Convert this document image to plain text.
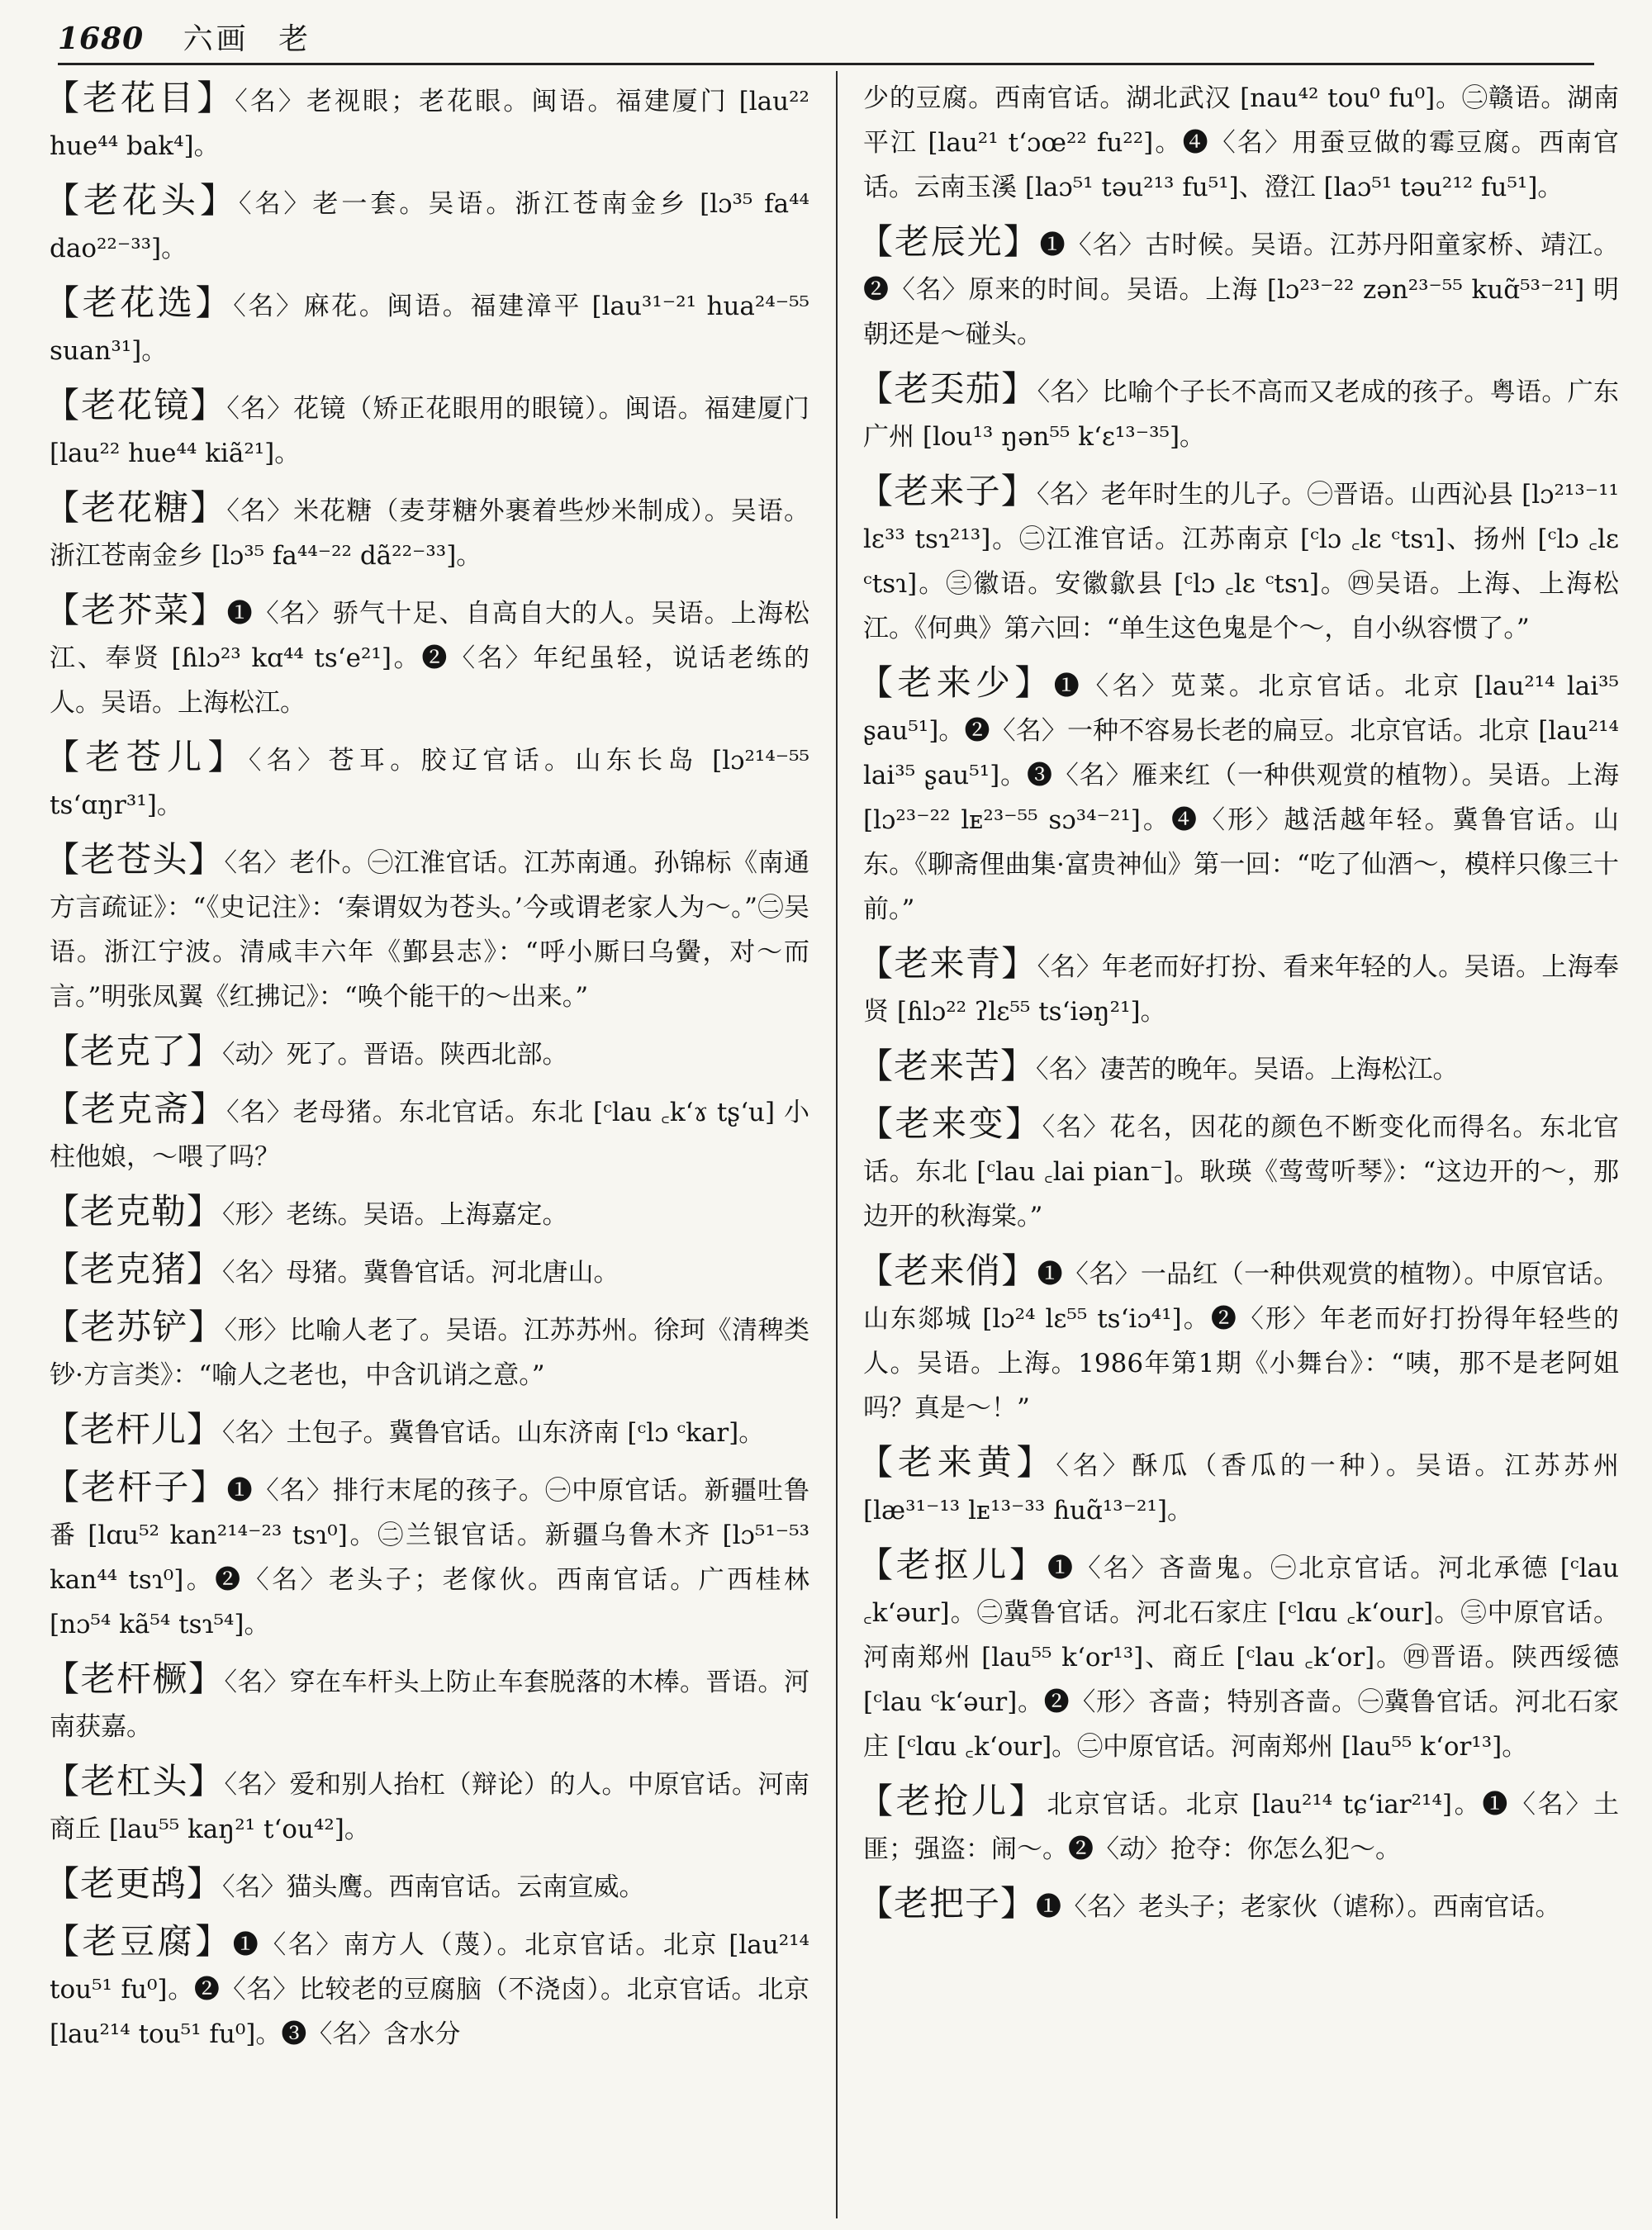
1680 六画 老
【老花目】〈名〉老视眼；老花眼。闽语。福建厦门 [lau²² hue⁴⁴ bak⁴]。
【老花头】〈名〉老一套。吴语。浙江苍南金乡 [lɔ³⁵ fa⁴⁴ dao²²⁻³³]。
【老花选】〈名〉麻花。闽语。福建漳平 [lau³¹⁻²¹ hua²⁴⁻⁵⁵ suan³¹]。
【老花镜】〈名〉花镜（矫正花眼用的眼镜）。闽语。福建厦门 [lau²² hue⁴⁴ kiã²¹]。
【老花糖】〈名〉米花糖（麦芽糖外裹着些炒米制成）。吴语。浙江苍南金乡 [lɔ³⁵ fa⁴⁴⁻²² dã²²⁻³³]。
【老芥菜】❶〈名〉骄气十足、自高自大的人。吴语。上海松江、奉贤 [ɦlɔ²³ kɑ⁴⁴ tsʻe²¹]。❷〈名〉年纪虽轻，说话老练的人。吴语。上海松江。
【老苍儿】〈名〉苍耳。胶辽官话。山东长岛 [lɔ²¹⁴⁻⁵⁵ tsʻɑŋr³¹]。
【老苍头】〈名〉老仆。㊀江淮官话。江苏南通。孙锦标《南通方言疏证》：“《史记注》：‘秦谓奴为苍头。’今或谓老家人为～。”㊁吴语。浙江宁波。清咸丰六年《鄞县志》：“呼小厮曰乌黌，对～而言。”明张凤翼《红拂记》：“唤个能干的～出来。”
【老克了】〈动〉死了。晋语。陕西北部。
【老克斋】〈名〉老母猪。东北官话。东北 [ᶜlau ꜀kʻɤ tʂʻu] 小柱他娘，～喂了吗？
【老克勒】〈形〉老练。吴语。上海嘉定。
【老克猪】〈名〉母猪。冀鲁官话。河北唐山。
【老苏铲】〈形〉比喻人老了。吴语。江苏苏州。徐珂《清稗类钞·方言类》：“喻人之老也，中含讥诮之意。”
【老杆儿】〈名〉土包子。冀鲁官话。山东济南 [ᶜlɔ ᶜkar]。
【老杆子】❶〈名〉排行末尾的孩子。㊀中原官话。新疆吐鲁番 [lɑu⁵² kan²¹⁴⁻²³ tsɿ⁰]。㊁兰银官话。新疆乌鲁木齐 [lɔ⁵¹⁻⁵³ kan⁴⁴ tsɿ⁰]。❷〈名〉老头子；老傢伙。西南官话。广西桂林 [nɔ⁵⁴ kã⁵⁴ tsɿ⁵⁴]。
【老杆橛】〈名〉穿在车杆头上防止车套脱落的木棒。晋语。河南获嘉。
【老杠头】〈名〉爱和别人抬杠（辩论）的人。中原官话。河南商丘 [lau⁵⁵ kaŋ²¹ tʻou⁴²]。
【老更鸪】〈名〉猫头鹰。西南官话。云南宣威。
【老豆腐】❶〈名〉南方人（蔑）。北京官话。北京 [lau²¹⁴ tou⁵¹ fu⁰]。❷〈名〉比较老的豆腐脑（不浇卤）。北京官话。北京 [lau²¹⁴ tou⁵¹ fu⁰]。❸〈名〉含水分
少的豆腐。西南官话。湖北武汉 [nau⁴² tou⁰ fu⁰]。㊁赣语。湖南平江 [lau²¹ tʻɔœ²² fu²²]。❹〈名〉用蚕豆做的霉豆腐。西南官话。云南玉溪 [laɔ⁵¹ təu²¹³ fu⁵¹]、澄江 [laɔ⁵¹ təu²¹² fu⁵¹]。
【老辰光】❶〈名〉古时候。吴语。江苏丹阳童家桥、靖江。❷〈名〉原来的时间。吴语。上海 [lɔ²³⁻²² zən²³⁻⁵⁵ kuɑ̃⁵³⁻²¹] 明朝还是～碰头。
【老奀茄】〈名〉比喻个子长不高而又老成的孩子。粤语。广东广州 [lou¹³ ŋən⁵⁵ kʻɛ¹³⁻³⁵]。
【老来子】〈名〉老年时生的儿子。㊀晋语。山西沁县 [lɔ²¹³⁻¹¹ lɛ³³ tsɿ²¹³]。㊁江淮官话。江苏南京 [ᶜlɔ ꜀lɛ ᶜtsɿ]、扬州 [ᶜlɔ ꜀lɛ ᶜtsɿ]。㊂徽语。安徽歙县 [ᶜlɔ ꜀lɛ ᶜtsɿ]。㊃吴语。上海、上海松江。《何典》第六回：“单生这色鬼是个～，自小纵容惯了。”
【老来少】❶〈名〉苋菜。北京官话。北京 [lau²¹⁴ lai³⁵ ʂau⁵¹]。❷〈名〉一种不容易长老的扁豆。北京官话。北京 [lau²¹⁴ lai³⁵ ʂau⁵¹]。❸〈名〉雁来红（一种供观赏的植物）。吴语。上海 [lɔ²³⁻²² lᴇ²³⁻⁵⁵ sɔ³⁴⁻²¹]。❹〈形〉越活越年轻。冀鲁官话。山东。《聊斋俚曲集·富贵神仙》第一回：“吃了仙酒～，模样只像三十前。”
【老来青】〈名〉年老而好打扮、看来年轻的人。吴语。上海奉贤 [ɦlɔ²² ʔlɛ⁵⁵ tsʻiəŋ²¹]。
【老来苦】〈名〉凄苦的晚年。吴语。上海松江。
【老来变】〈名〉花名，因花的颜色不断变化而得名。东北官话。东北 [ᶜlau ꜀lai pian⁻]。耿瑛《莺莺听琴》：“这边开的～，那边开的秋海棠。”
【老来俏】❶〈名〉一品红（一种供观赏的植物）。中原官话。山东郯城 [lɔ²⁴ lɛ⁵⁵ tsʻiɔ⁴¹]。❷〈形〉年老而好打扮得年轻些的人。吴语。上海。1986年第1期《小舞台》：“咦，那不是老阿姐吗？真是～！”
【老来黄】〈名〉酥瓜（香瓜的一种）。吴语。江苏苏州 [læ³¹⁻¹³ lᴇ¹³⁻³³ ɦuɑ̃¹³⁻²¹]。
【老抠儿】❶〈名〉吝啬鬼。㊀北京官话。河北承德 [ᶜlau ꜀kʻəur]。㊁冀鲁官话。河北石家庄 [ᶜlɑu ꜀kʻour]。㊂中原官话。河南郑州 [lau⁵⁵ kʻor¹³]、商丘 [ᶜlau ꜀kʻor]。㊃晋语。陕西绥德 [ᶜlau ᶜkʻəur]。❷〈形〉吝啬；特别吝啬。㊀冀鲁官话。河北石家庄 [ᶜlɑu ꜀kʻour]。㊁中原官话。河南郑州 [lau⁵⁵ kʻor¹³]。
【老抢儿】北京官话。北京 [lau²¹⁴ tɕʻiar²¹⁴]。❶〈名〉土匪；强盗：闹～。❷〈动〉抢夺：你怎么犯～。
【老把子】❶〈名〉老头子；老家伙（谑称）。西南官话。
